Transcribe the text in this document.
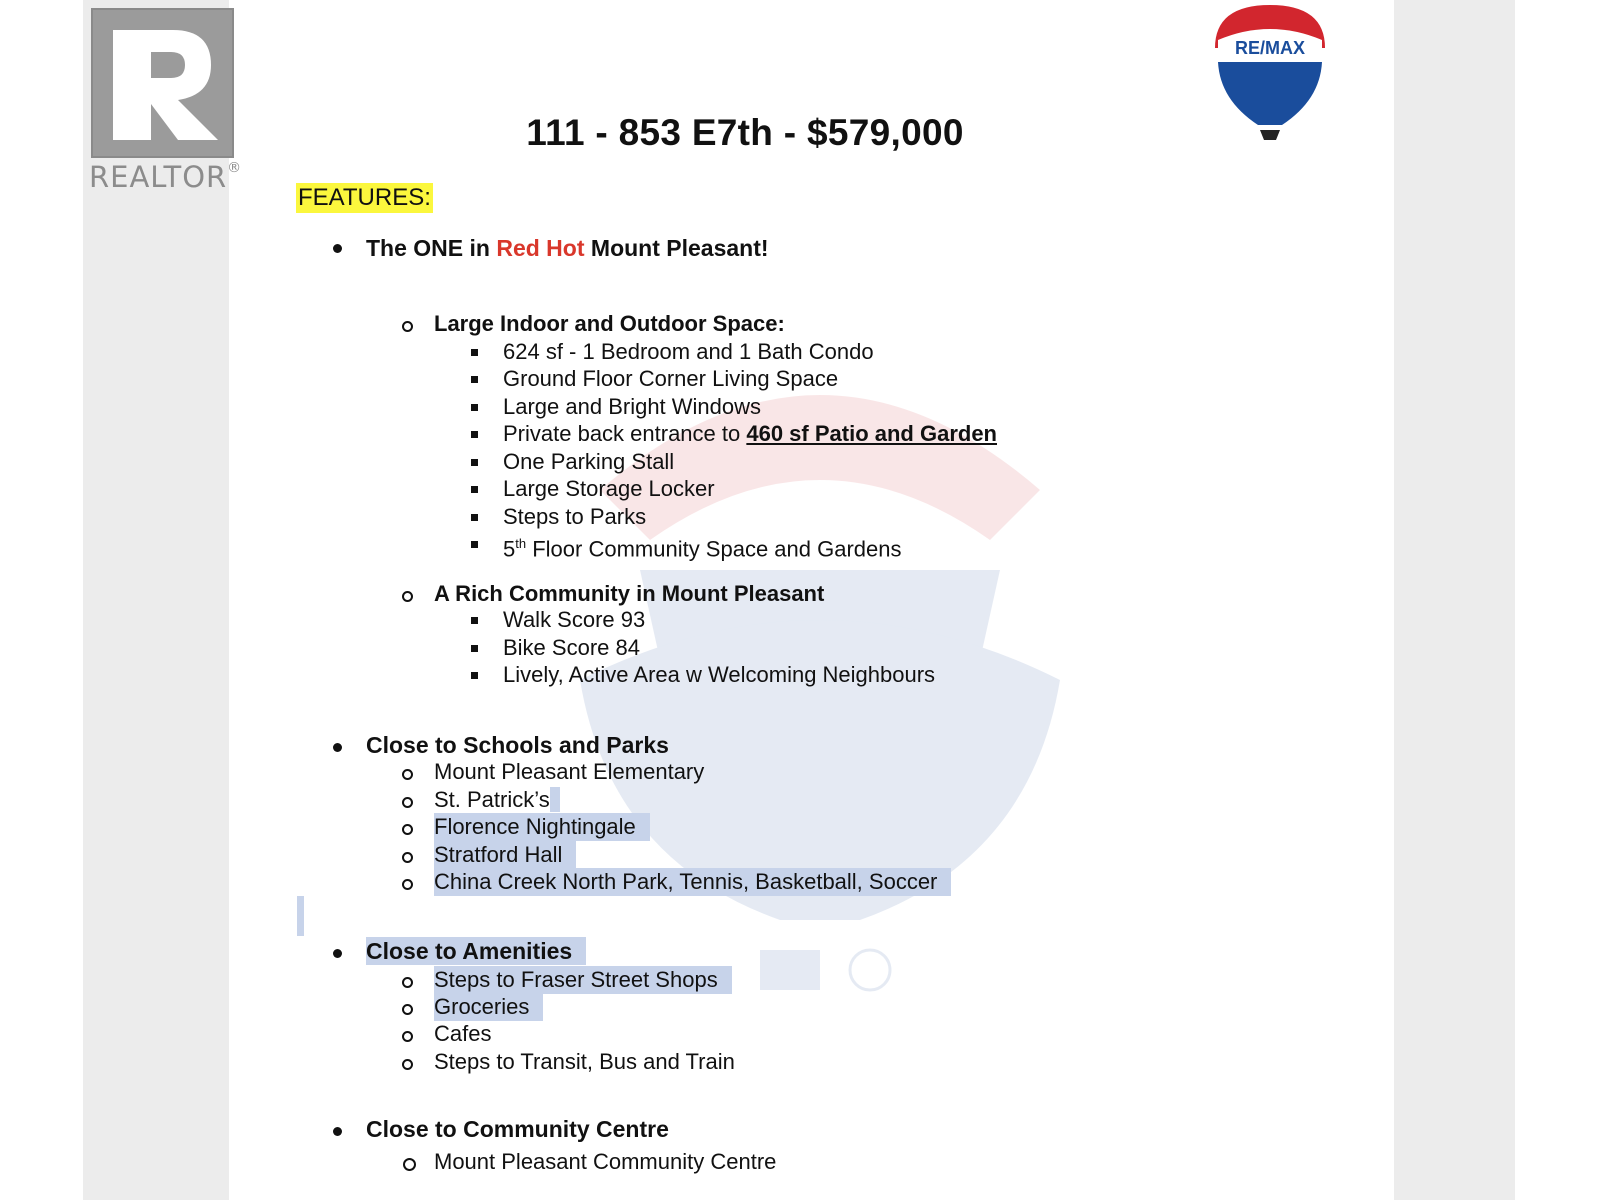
REALTOR®
RE/MAX
111 - 853 E7th - $579,000
FEATURES:
The ONE in Red Hot Mount Pleasant!
Large Indoor and Outdoor Space:
624 sf - 1 Bedroom and 1 Bath Condo
Ground Floor Corner Living Space
Large and Bright Windows
Private back entrance to 460 sf Patio and Garden
One Parking Stall
Large Storage Locker
Steps to Parks
5th Floor Community Space and Gardens
A Rich Community in Mount Pleasant
Walk Score 93
Bike Score 84
Lively, Active Area w Welcoming Neighbours
Close to Schools and Parks
Mount Pleasant Elementary
St. Patrick’s
Florence Nightingale
Stratford Hall
China Creek North Park, Tennis, Basketball, Soccer
Close to Amenities
Steps to Fraser Street Shops
Groceries
Cafes
Steps to Transit, Bus and Train
Close to Community Centre
Mount Pleasant Community Centre
